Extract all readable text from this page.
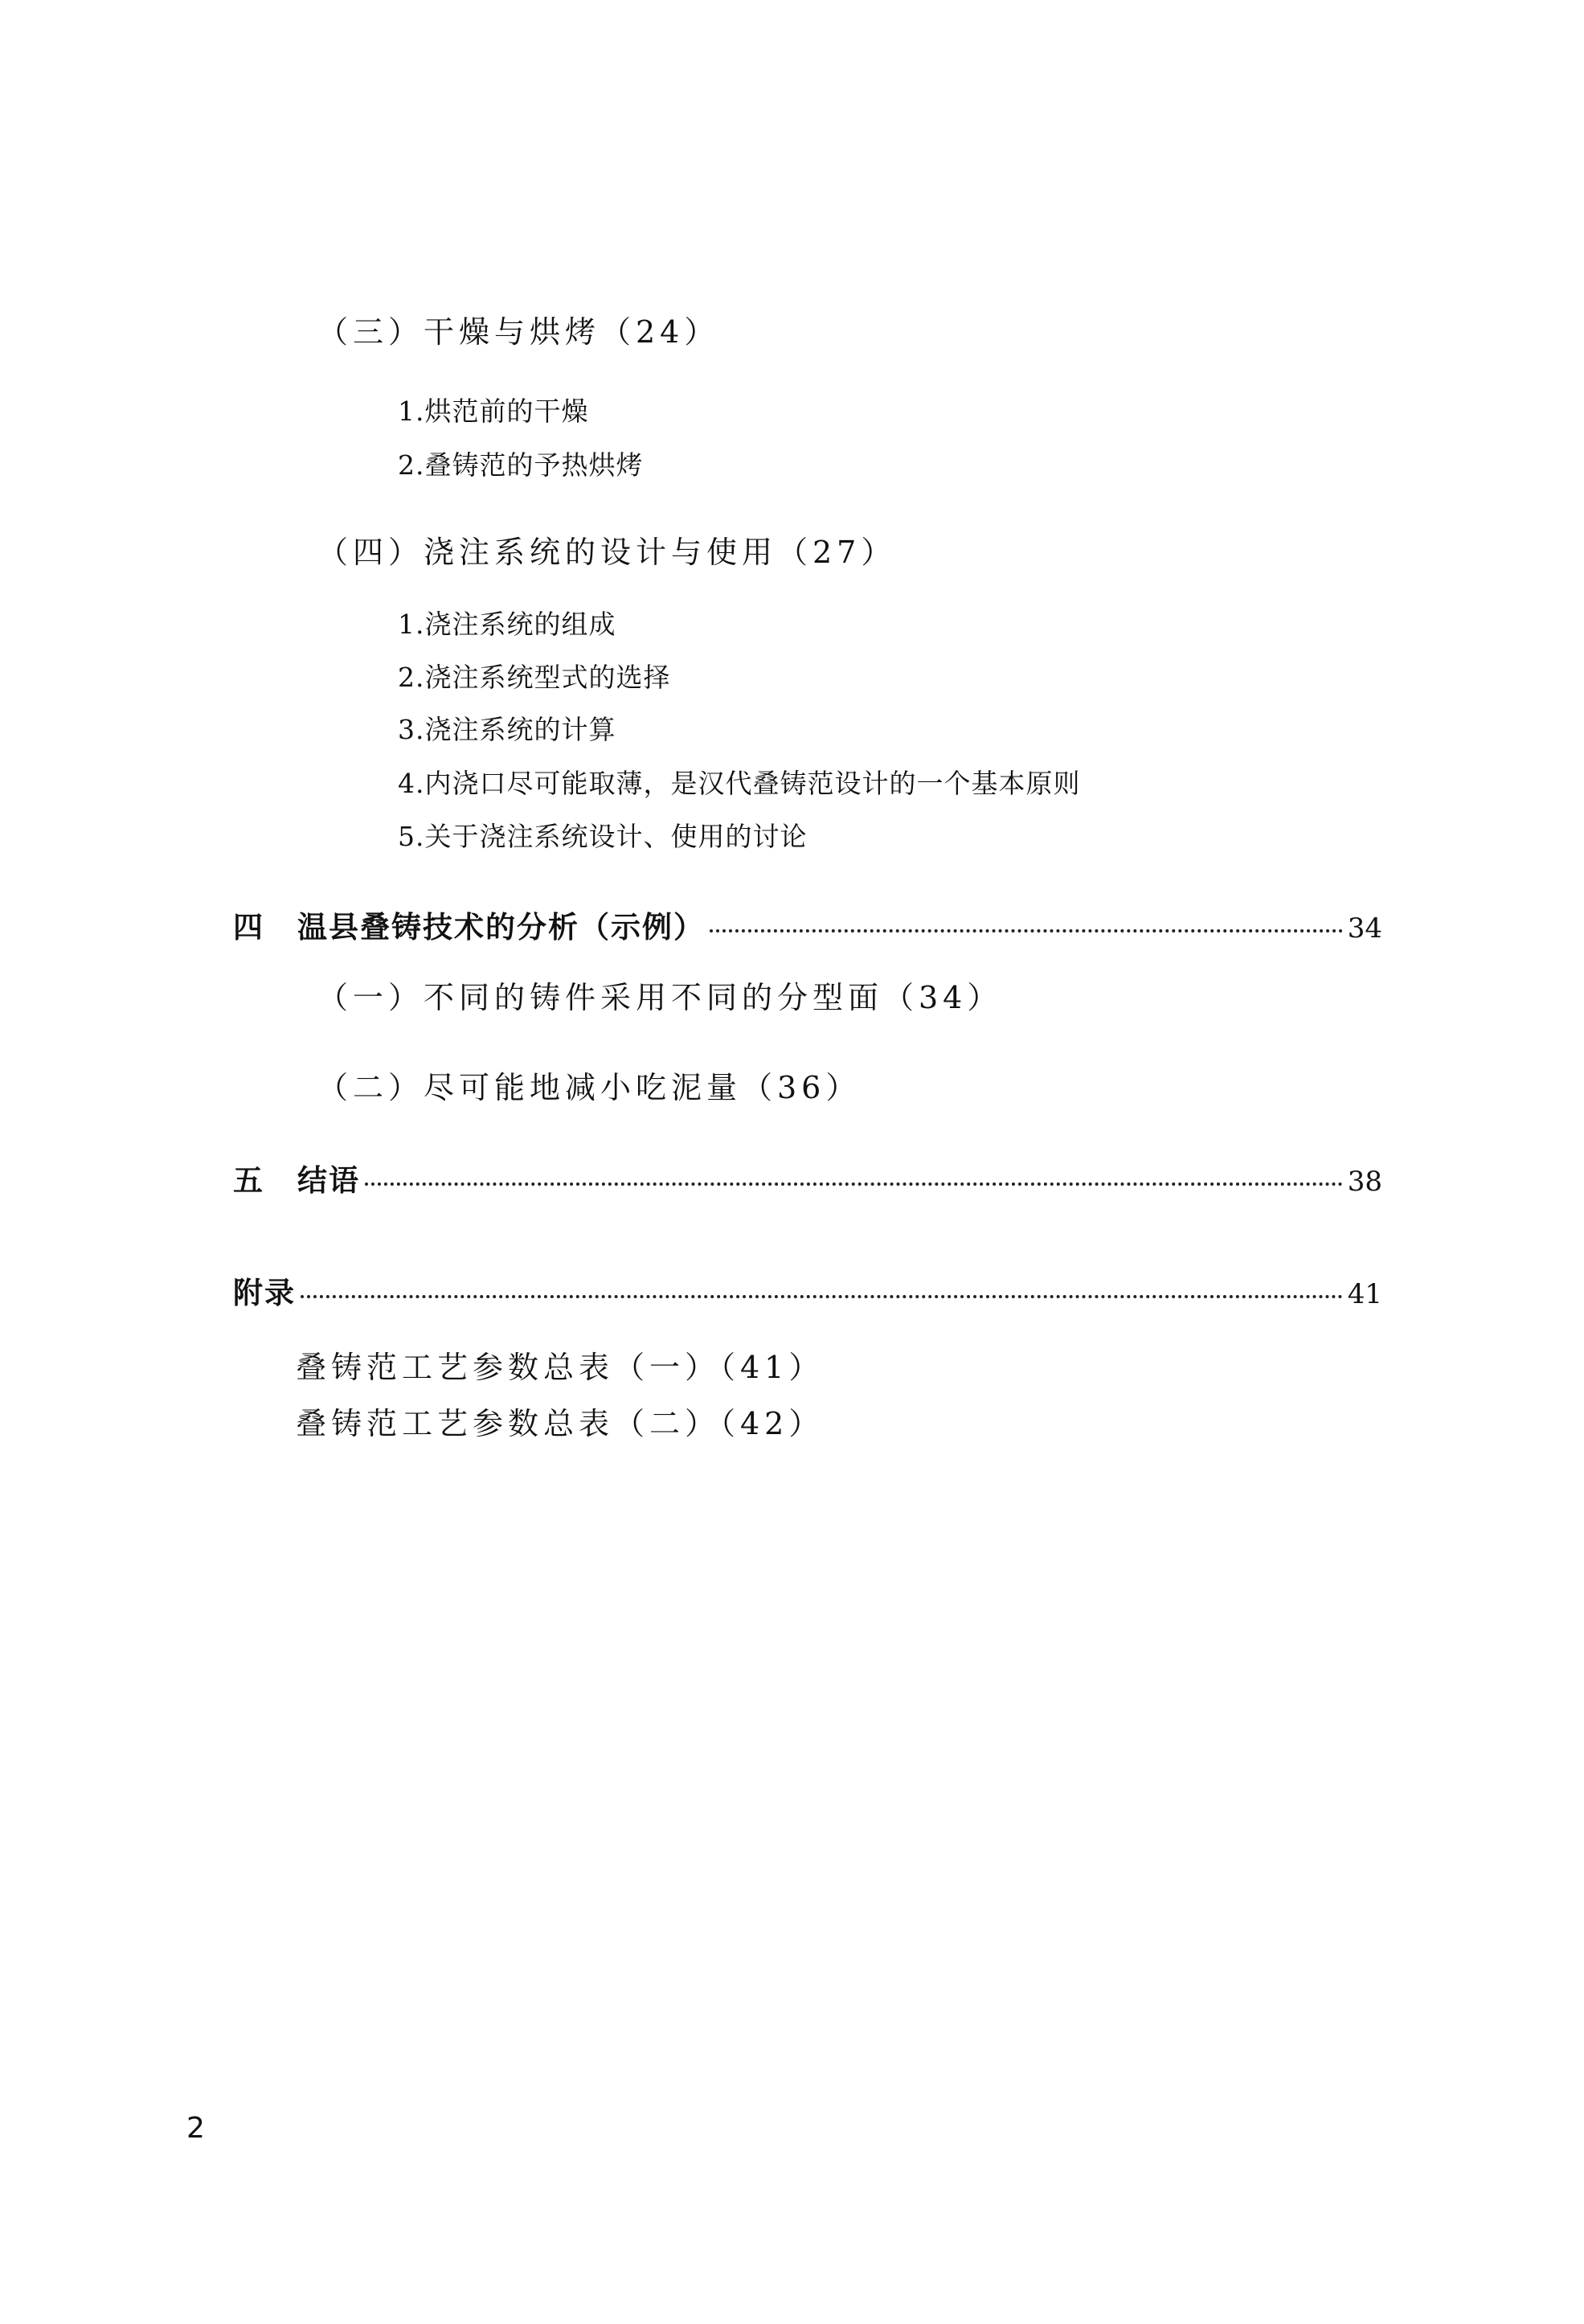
（三）干燥与烘烤（24）
1.烘范前的干燥
2.叠铸范的予热烘烤
（四）浇注系统的设计与使用（27）
1.浇注系统的组成
2.浇注系统型式的选择
3.浇注系统的计算
4.内浇口尽可能取薄，是汉代叠铸范设计的一个基本原则
5.关于浇注系统设计、使用的讨论
四	温县叠铸技术的分析（示例）	34
（一）不同的铸件采用不同的分型面（34）
（二）尽可能地减小吃泥量（36）
五	结语	38
附录	41
叠铸范工艺参数总表（一）（41）
叠铸范工艺参数总表（二）（42）
2
